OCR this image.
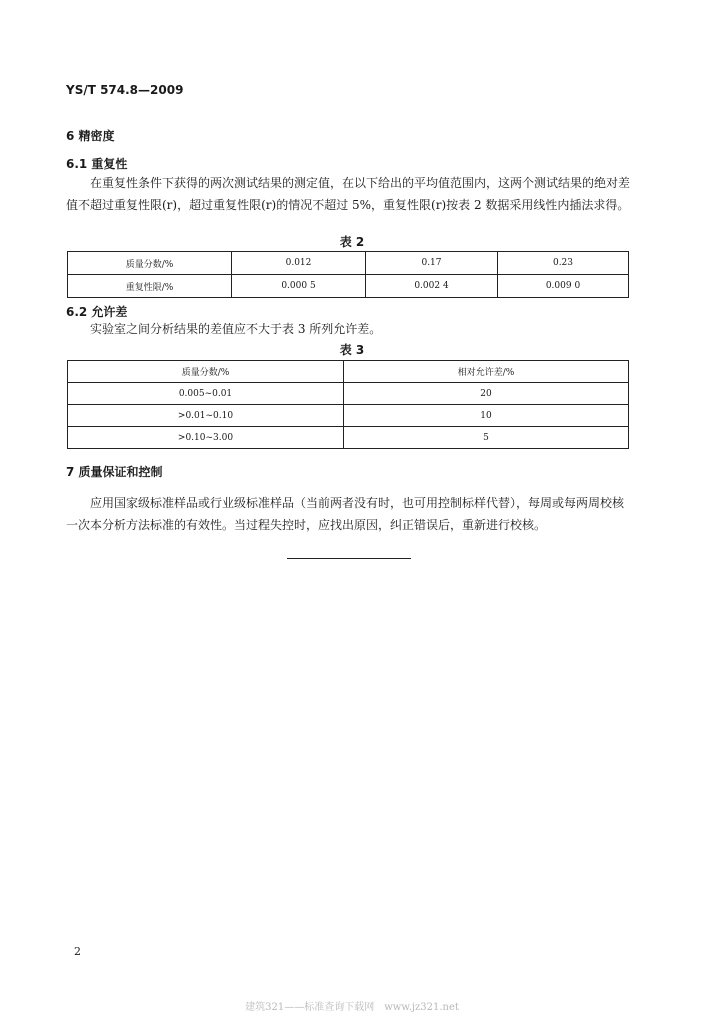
YS/T 574.8—2009
6 精密度
6.1 重复性
在重复性条件下获得的两次测试结果的测定值，在以下给出的平均值范围内，这两个测试结果的绝对差值不超过重复性限(r)，超过重复性限(r)的情况不超过 5%，重复性限(r)按表 2 数据采用线性内插法求得。
表 2
质量分数/%	0.012	0.17	0.23
重复性限/%	0.000 5	0.002 4	0.009 0
6.2 允许差
实验室之间分析结果的差值应不大于表 3 所列允许差。
表 3
质量分数/%	相对允许差/%
0.005~0.01	20
>0.01~0.10	10
>0.10~3.00	5
7 质量保证和控制
应用国家级标准样品或行业级标准样品（当前两者没有时，也可用控制标样代替），每周或每两周校核一次本分析方法标准的有效性。当过程失控时，应找出原因，纠正错误后，重新进行校核。
2
建筑321——标准查询下载网　www.jz321.net
